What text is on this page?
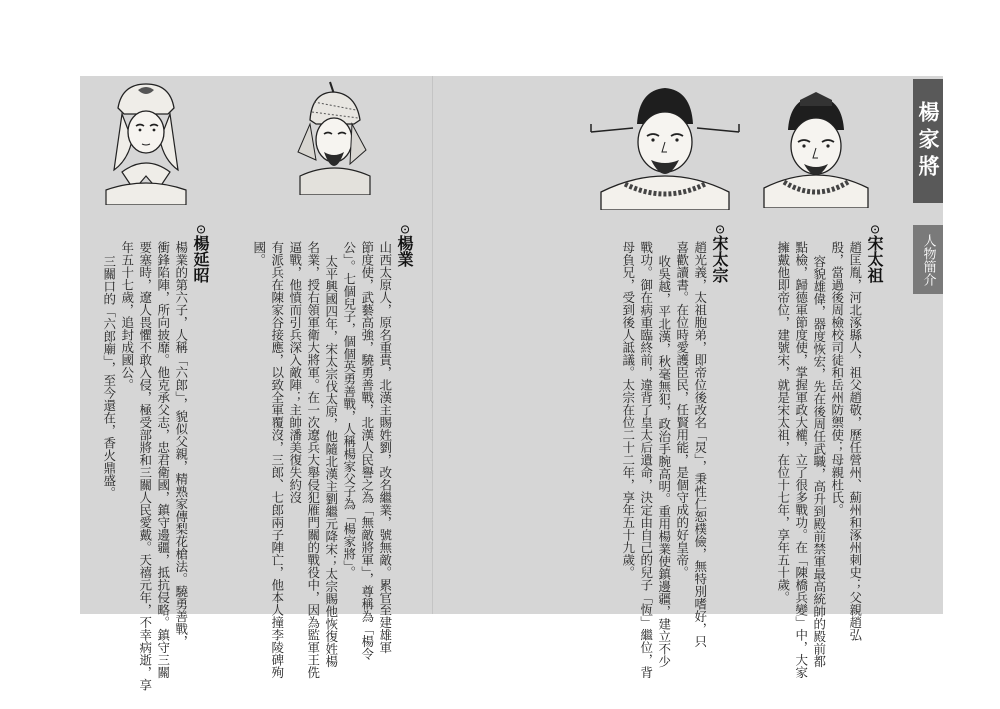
楊家將
人物簡介
⊙宋太祖
趙匡胤，河北涿縣人，祖父趙敬，歷任營州、薊州和涿州刺史；父親趙弘
殷，當過後周檢校司徒和岳州防禦使；母親杜氏。
容貌雄偉，器度恢宏，先在後周任武職，高升到殿前禁軍最高統帥的殿前都
點檢，歸德軍節度使，掌握軍政大權，立了很多戰功。在「陳橋兵變」中，大家
擁戴他即帝位，建號宋，就是宋太祖，在位十七年，享年五十歲。
⊙宋太宗
趙光義，太祖胞弟，即帝位後改名「炅」，秉性仁恕樸儉，無特別嗜好，只
喜歡讀書。在位時愛護臣民，任賢用能，是個守成的好皇帝。
收吳越，平北漢，秋毫無犯，政治手腕高明。重用楊業使鎮邊疆，建立不少
戰功。御在病重臨終前，違背了皇太后遺命，決定由自己的兒子「恆」繼位，背
母負兄，受到後人詆議。太宗在位二十二年，享年五十九歲。
⊙楊業
山西太原人，原名重貴，北漢主賜姓劉，改名繼業，號無敵。累官至建雄軍
節度使，武藝高強，驍勇善戰，北漢人民譽之為「無敵將軍」，尊稱為「楊令
公」。七個兒子，個個英勇善戰，人稱楊家父子為「楊家將」。
太平興國四年，宋太宗伐太原，他隨北漢主劉繼元降宋；太宗賜他恢復姓楊
名業，授右領軍衛大將軍。在一次遼兵大舉侵犯雁門關的戰役中，因為監軍王侁
逼戰，他憤而引兵深入敵陣；主帥潘美復失約沒
有派兵在陳家谷接應，以致全軍覆沒，三郎、七郎兩子陣亡，他本人撞李陵碑殉
國。
⊙楊延昭
楊業的第六子，人稱「六郎」，貌似父親，精熟家傳梨花槍法。驍勇善戰，
衝鋒陷陣，所向披靡。他克承父志，忠君衛國，鎮守邊疆，抵抗侵略。鎮守三關
要塞時，遼人畏懼不敢入侵，極受部將和三關人民愛戴。天禧元年，不幸病逝，享
年五十七歲，追封成國公。
三關口的「六郎廟」，至今還在，香火鼎盛。
